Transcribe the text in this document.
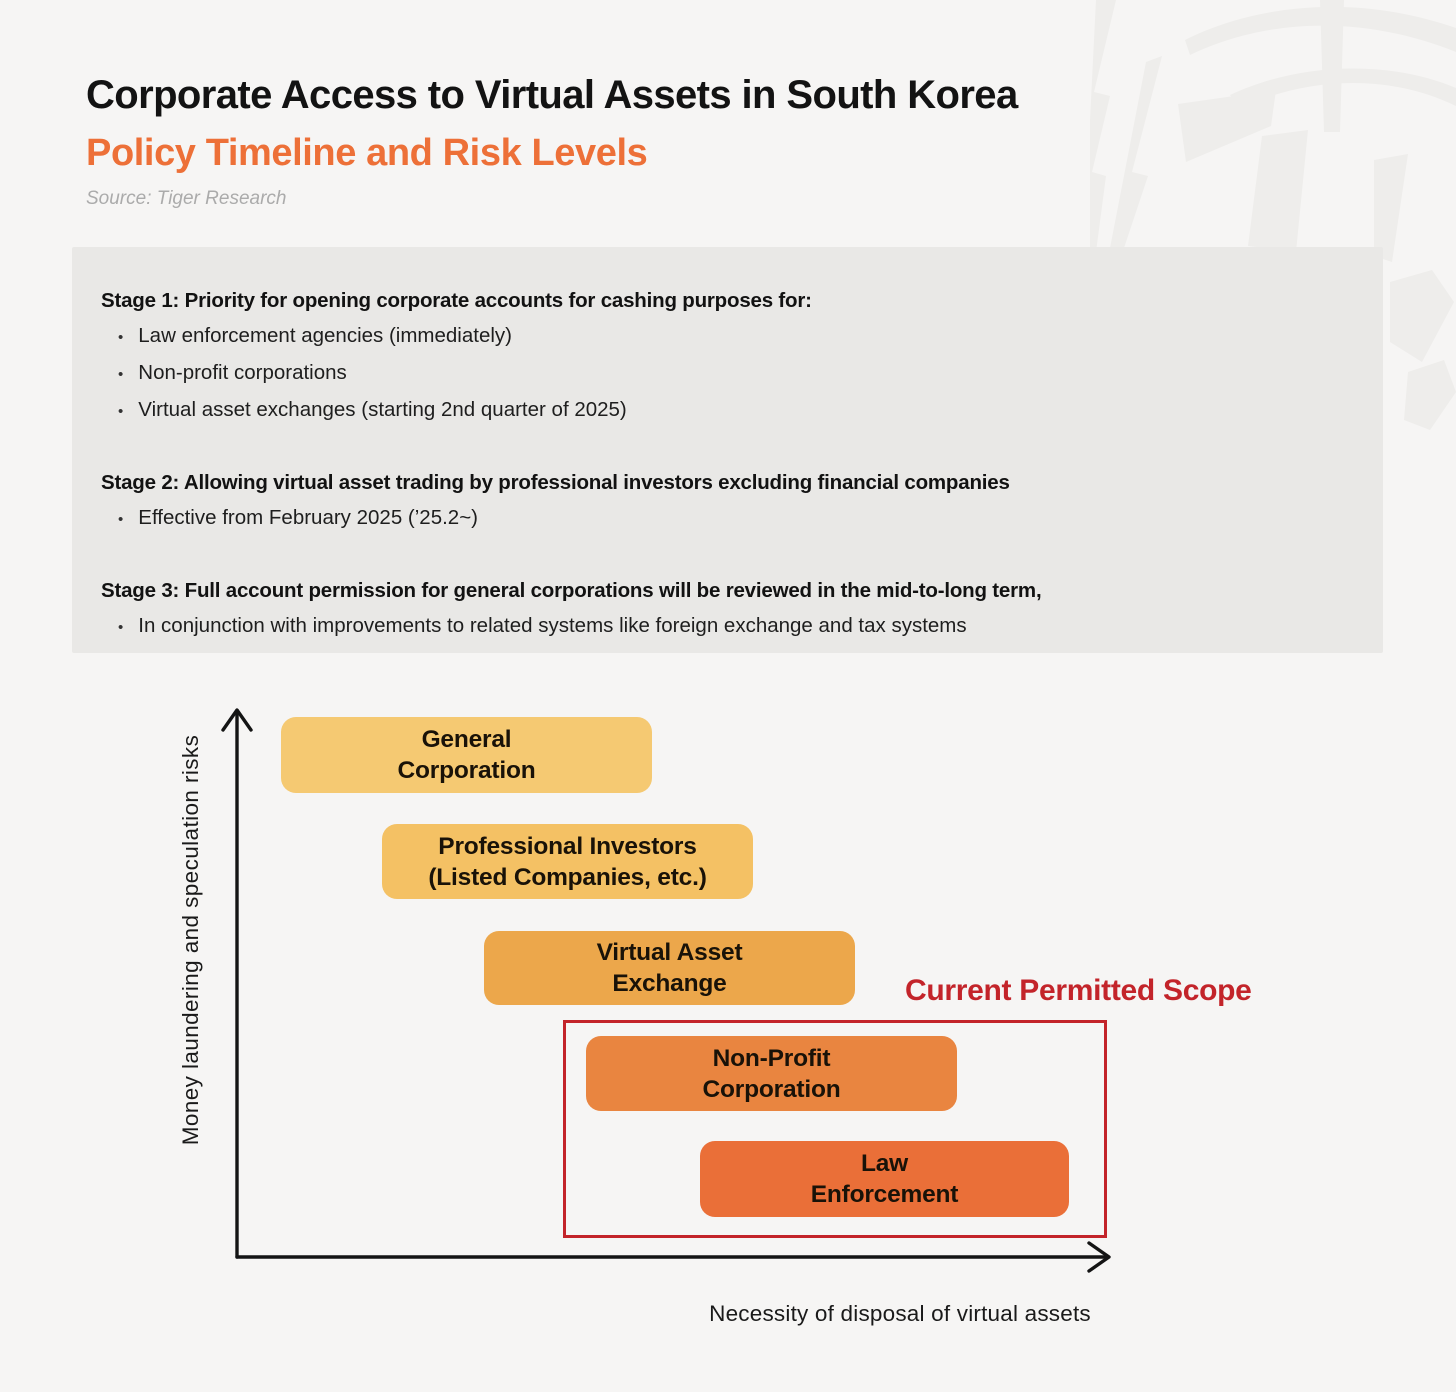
Corporate Access to Virtual Assets in South Korea
Policy Timeline and Risk Levels
Source: Tiger Research
Stage 1: Priority for opening corporate accounts for cashing purposes for:
• Law enforcement agencies (immediately)
• Non-profit corporations
• Virtual asset exchanges (starting 2nd quarter of 2025)
Stage 2: Allowing virtual asset trading by professional investors excluding financial companies
• Effective from February 2025 (’25.2~)
Stage 3: Full account permission for general corporations will be reviewed in the mid-to-long term,
• In conjunction with improvements to related systems like foreign exchange and tax systems
Money laundering and speculation risks
Necessity of disposal of virtual assets
Current Permitted Scope
General
Corporation
Professional Investors
(Listed Companies, etc.)
Virtual Asset
Exchange
Non-Profit
Corporation
Law
Enforcement
